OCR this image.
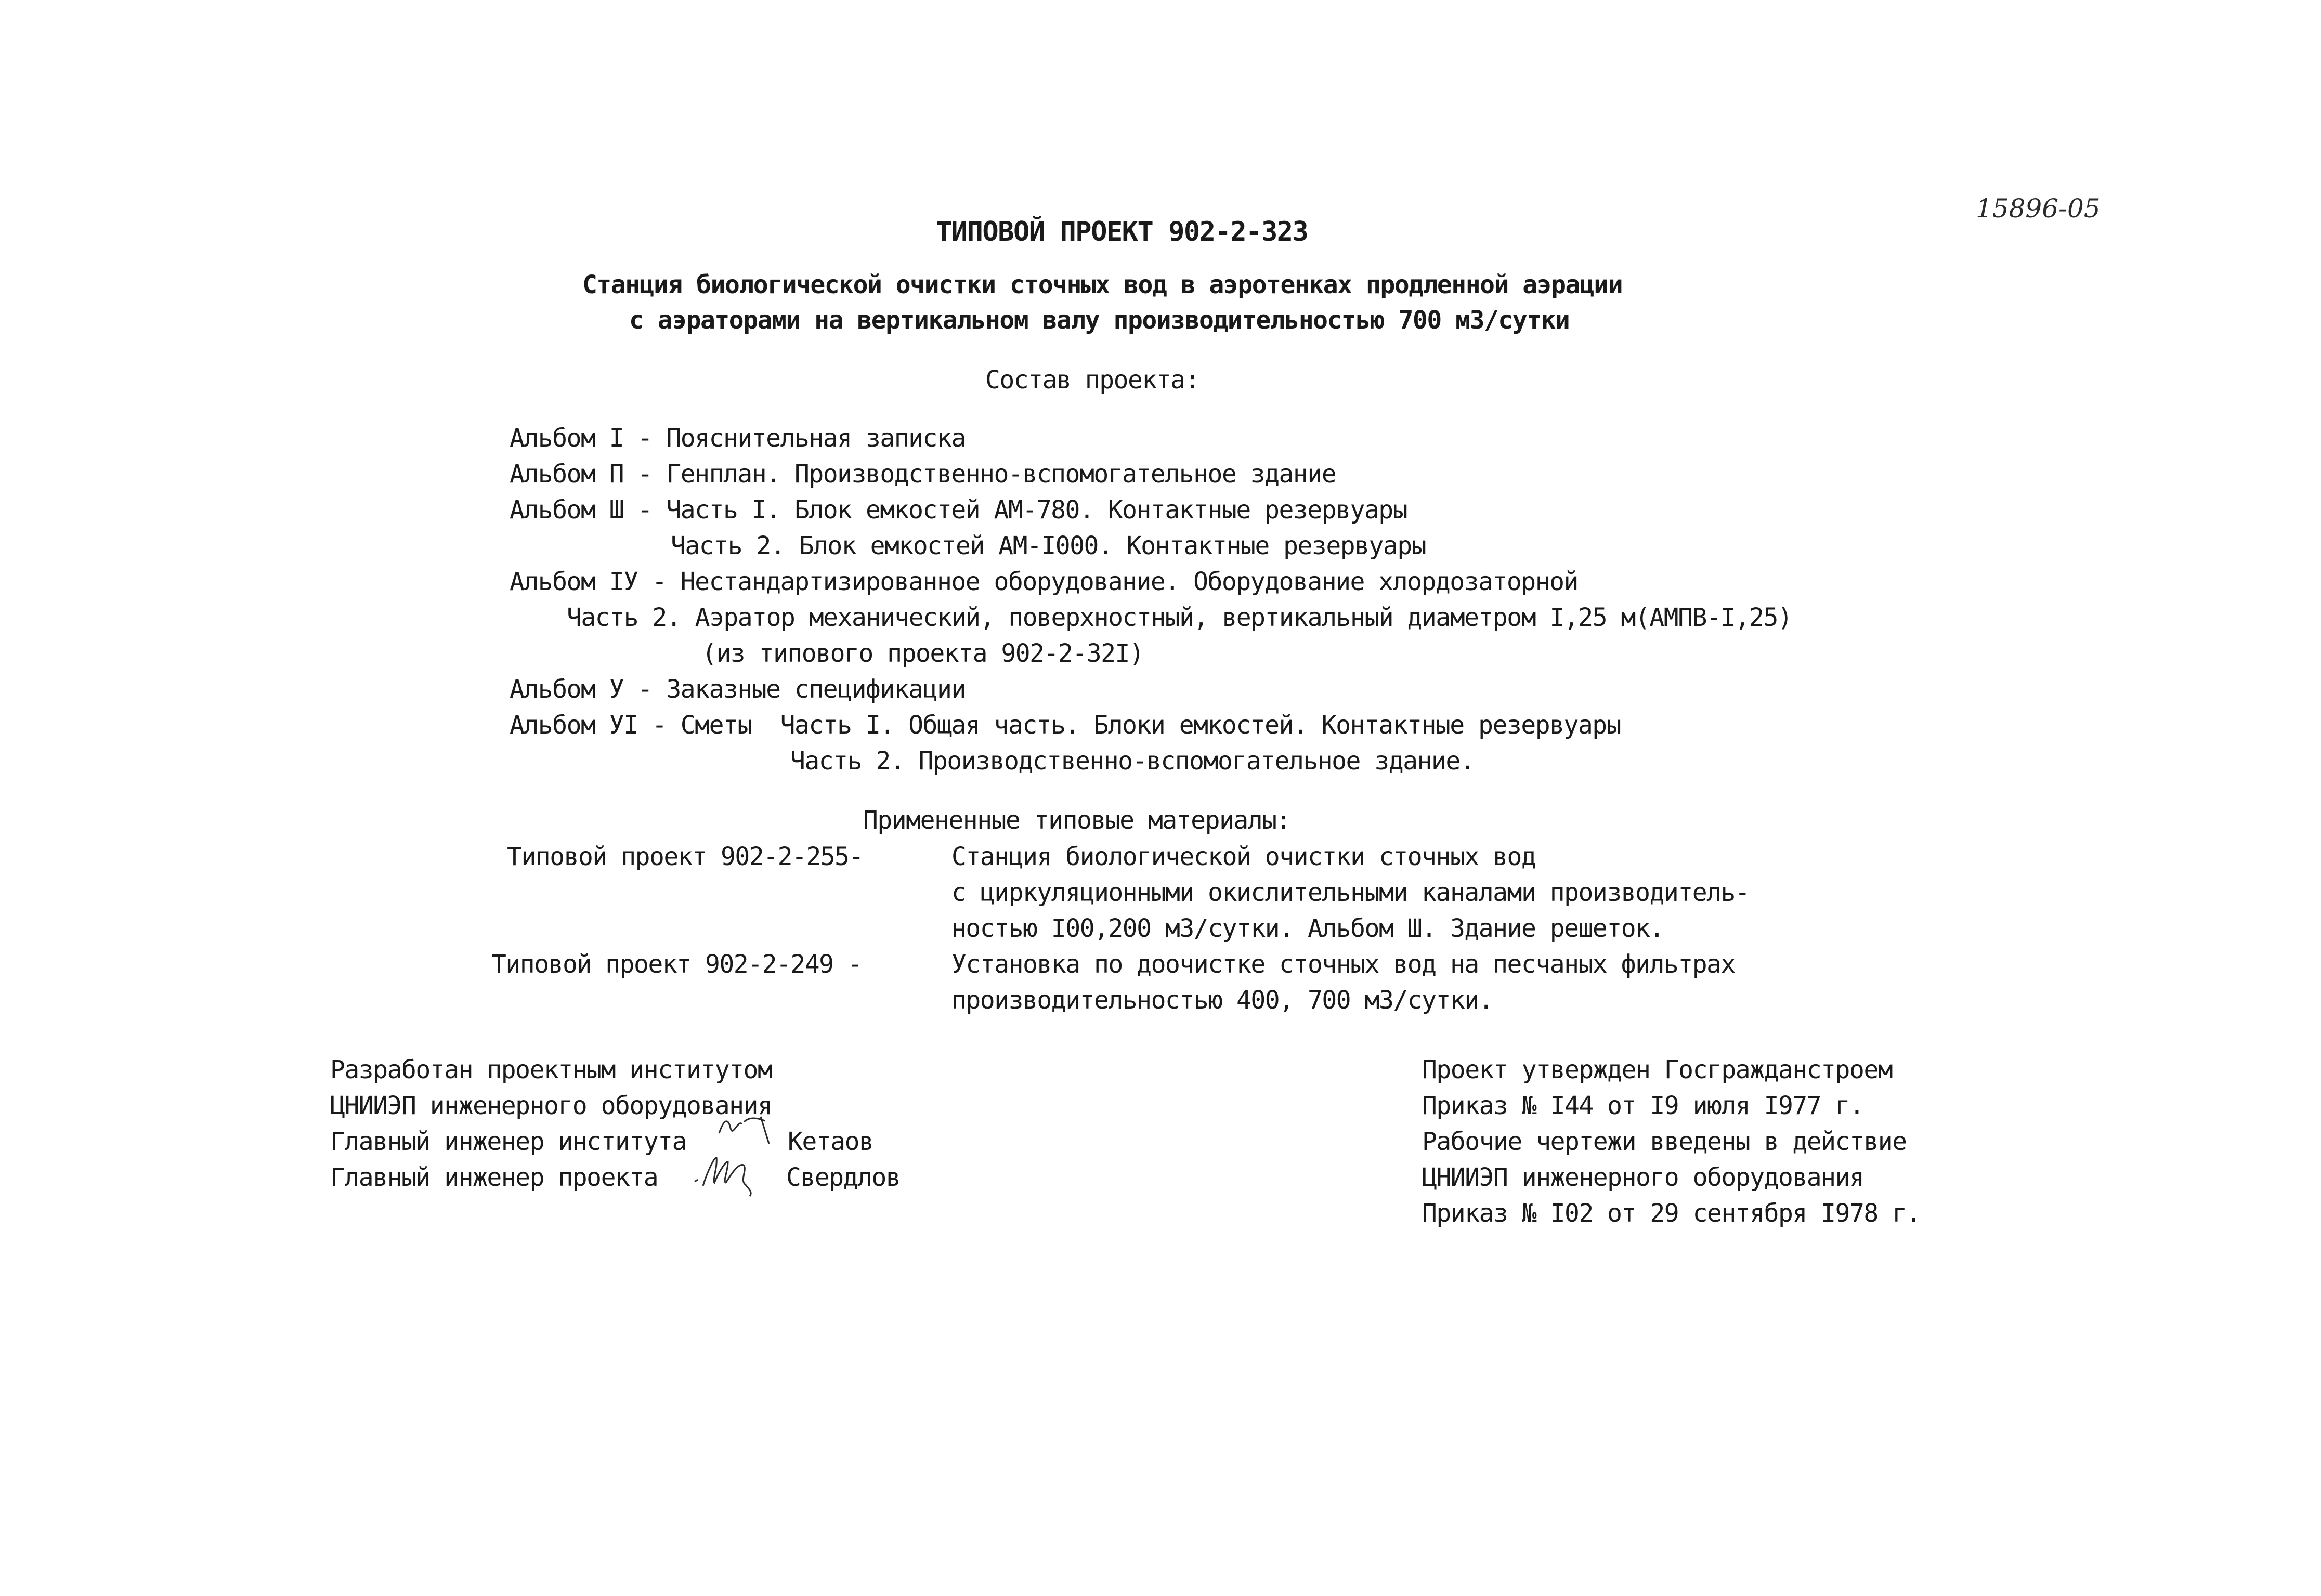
15896-05
ТИПОВОЙ ПРОЕКТ 902-2-323
Станция биологической очистки сточных вод в аэротенках продленной аэрации
с аэраторами на вертикальном валу производительностью 700 м3/сутки
Состав проекта:
Альбом I - Пояснительная записка
Альбом П - Генплан. Производственно-вспомогательное здание
Альбом Ш - Часть I. Блок емкостей АМ-780. Контактные резервуары
Часть 2. Блок емкостей АМ-I000. Контактные резервуары
Альбом IУ - Нестандартизированное оборудование. Оборудование хлордозаторной
Часть 2. Аэратор механический, поверхностный, вертикальный диаметром I,25 м(АМПВ-I,25)
(из типового проекта 902-2-32I)
Альбом У - Заказные спецификации
Альбом УI - Сметы  Часть I. Общая часть. Блоки емкостей. Контактные резервуары
Часть 2. Производственно-вспомогательное здание.
Примененные типовые материалы:
Типовой проект 902-2-255-	Станция биологической очистки сточных вод
с циркуляционными окислительными каналами производитель-
ностью I00,200 м3/сутки. Альбом Ш. Здание решеток.
Типовой проект 902-2-249 -	Установка по доочистке сточных вод на песчаных фильтрах
производительностью 400, 700 м3/сутки.
Разработан проектным институтом
ЦНИИЭП инженерного оборудования
Главный инженер института	Кетаов
Главный инженер проекта	Свердлов
Проект утвержден Госгражданстроем
Приказ № I44 от I9 июля I977 г.
Рабочие чертежи введены в действие
ЦНИИЭП инженерного оборудования
Приказ № I02 от 29 сентября I978 г.
